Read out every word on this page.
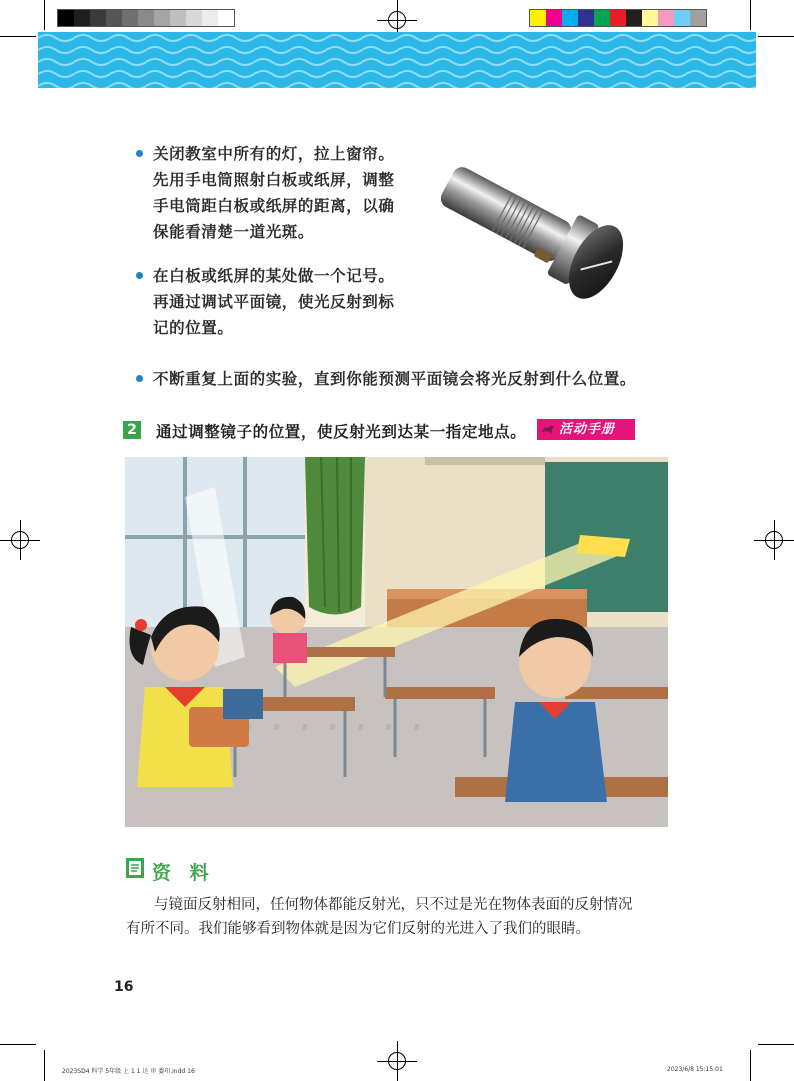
关闭教室中所有的灯，拉上窗帘。
先用手电筒照射白板或纸屏，调整
手电筒距白板或纸屏的距离，以确
保能看清楚一道光斑。
在白板或纸屏的某处做一个记号。
再通过调试平面镜，使光反射到标
记的位置。
不断重复上面的实验，直到你能预测平面镜会将光反射到什么位置。
2 通过调整镜子的位置，使反射光到达某一指定地点。	活动手册
· · · · · · · · ·
资 料
与镜面反射相同，任何物体都能反射光，只不过是光在物体表面的反射情况
有所不同。我们能够看到物体就是因为它们反射的光进入了我们的眼睛。
16
2023SD4 科学 5年级 上 1 1 达 审 委印.indd 16	2023/6/8 15:15:01
